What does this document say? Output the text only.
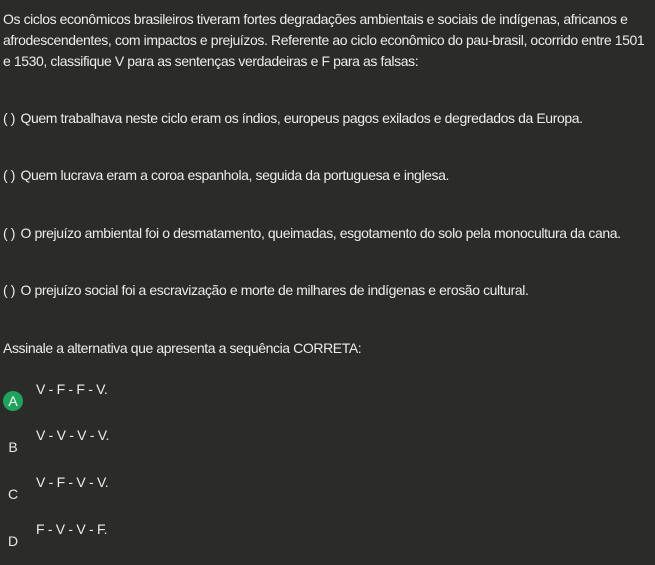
Os ciclos econômicos brasileiros tiveram fortes degradações ambientais e sociais de indígenas, africanos e afrodescendentes, com impactos e prejuízos. Referente ao ciclo econômico do pau-brasil, ocorrido entre 1501 e 1530, classifique V para as sentenças verdadeiras e F para as falsas:
( ) Quem trabalhava neste ciclo eram os índios, europeus pagos exilados e degredados da Europa.
( ) Quem lucrava eram a coroa espanhola, seguida da portuguesa e inglesa.
( ) O prejuízo ambiental foi o desmatamento, queimadas, esgotamento do solo pela monocultura da cana.
( ) O prejuízo social foi a escravização e morte de milhares de indígenas e erosão cultural.
Assinale a alternativa que apresenta a sequência CORRETA:
A
V - F - F - V.
B
V - V - V - V.
C
V - F - V - V.
D
F - V - V - F.
